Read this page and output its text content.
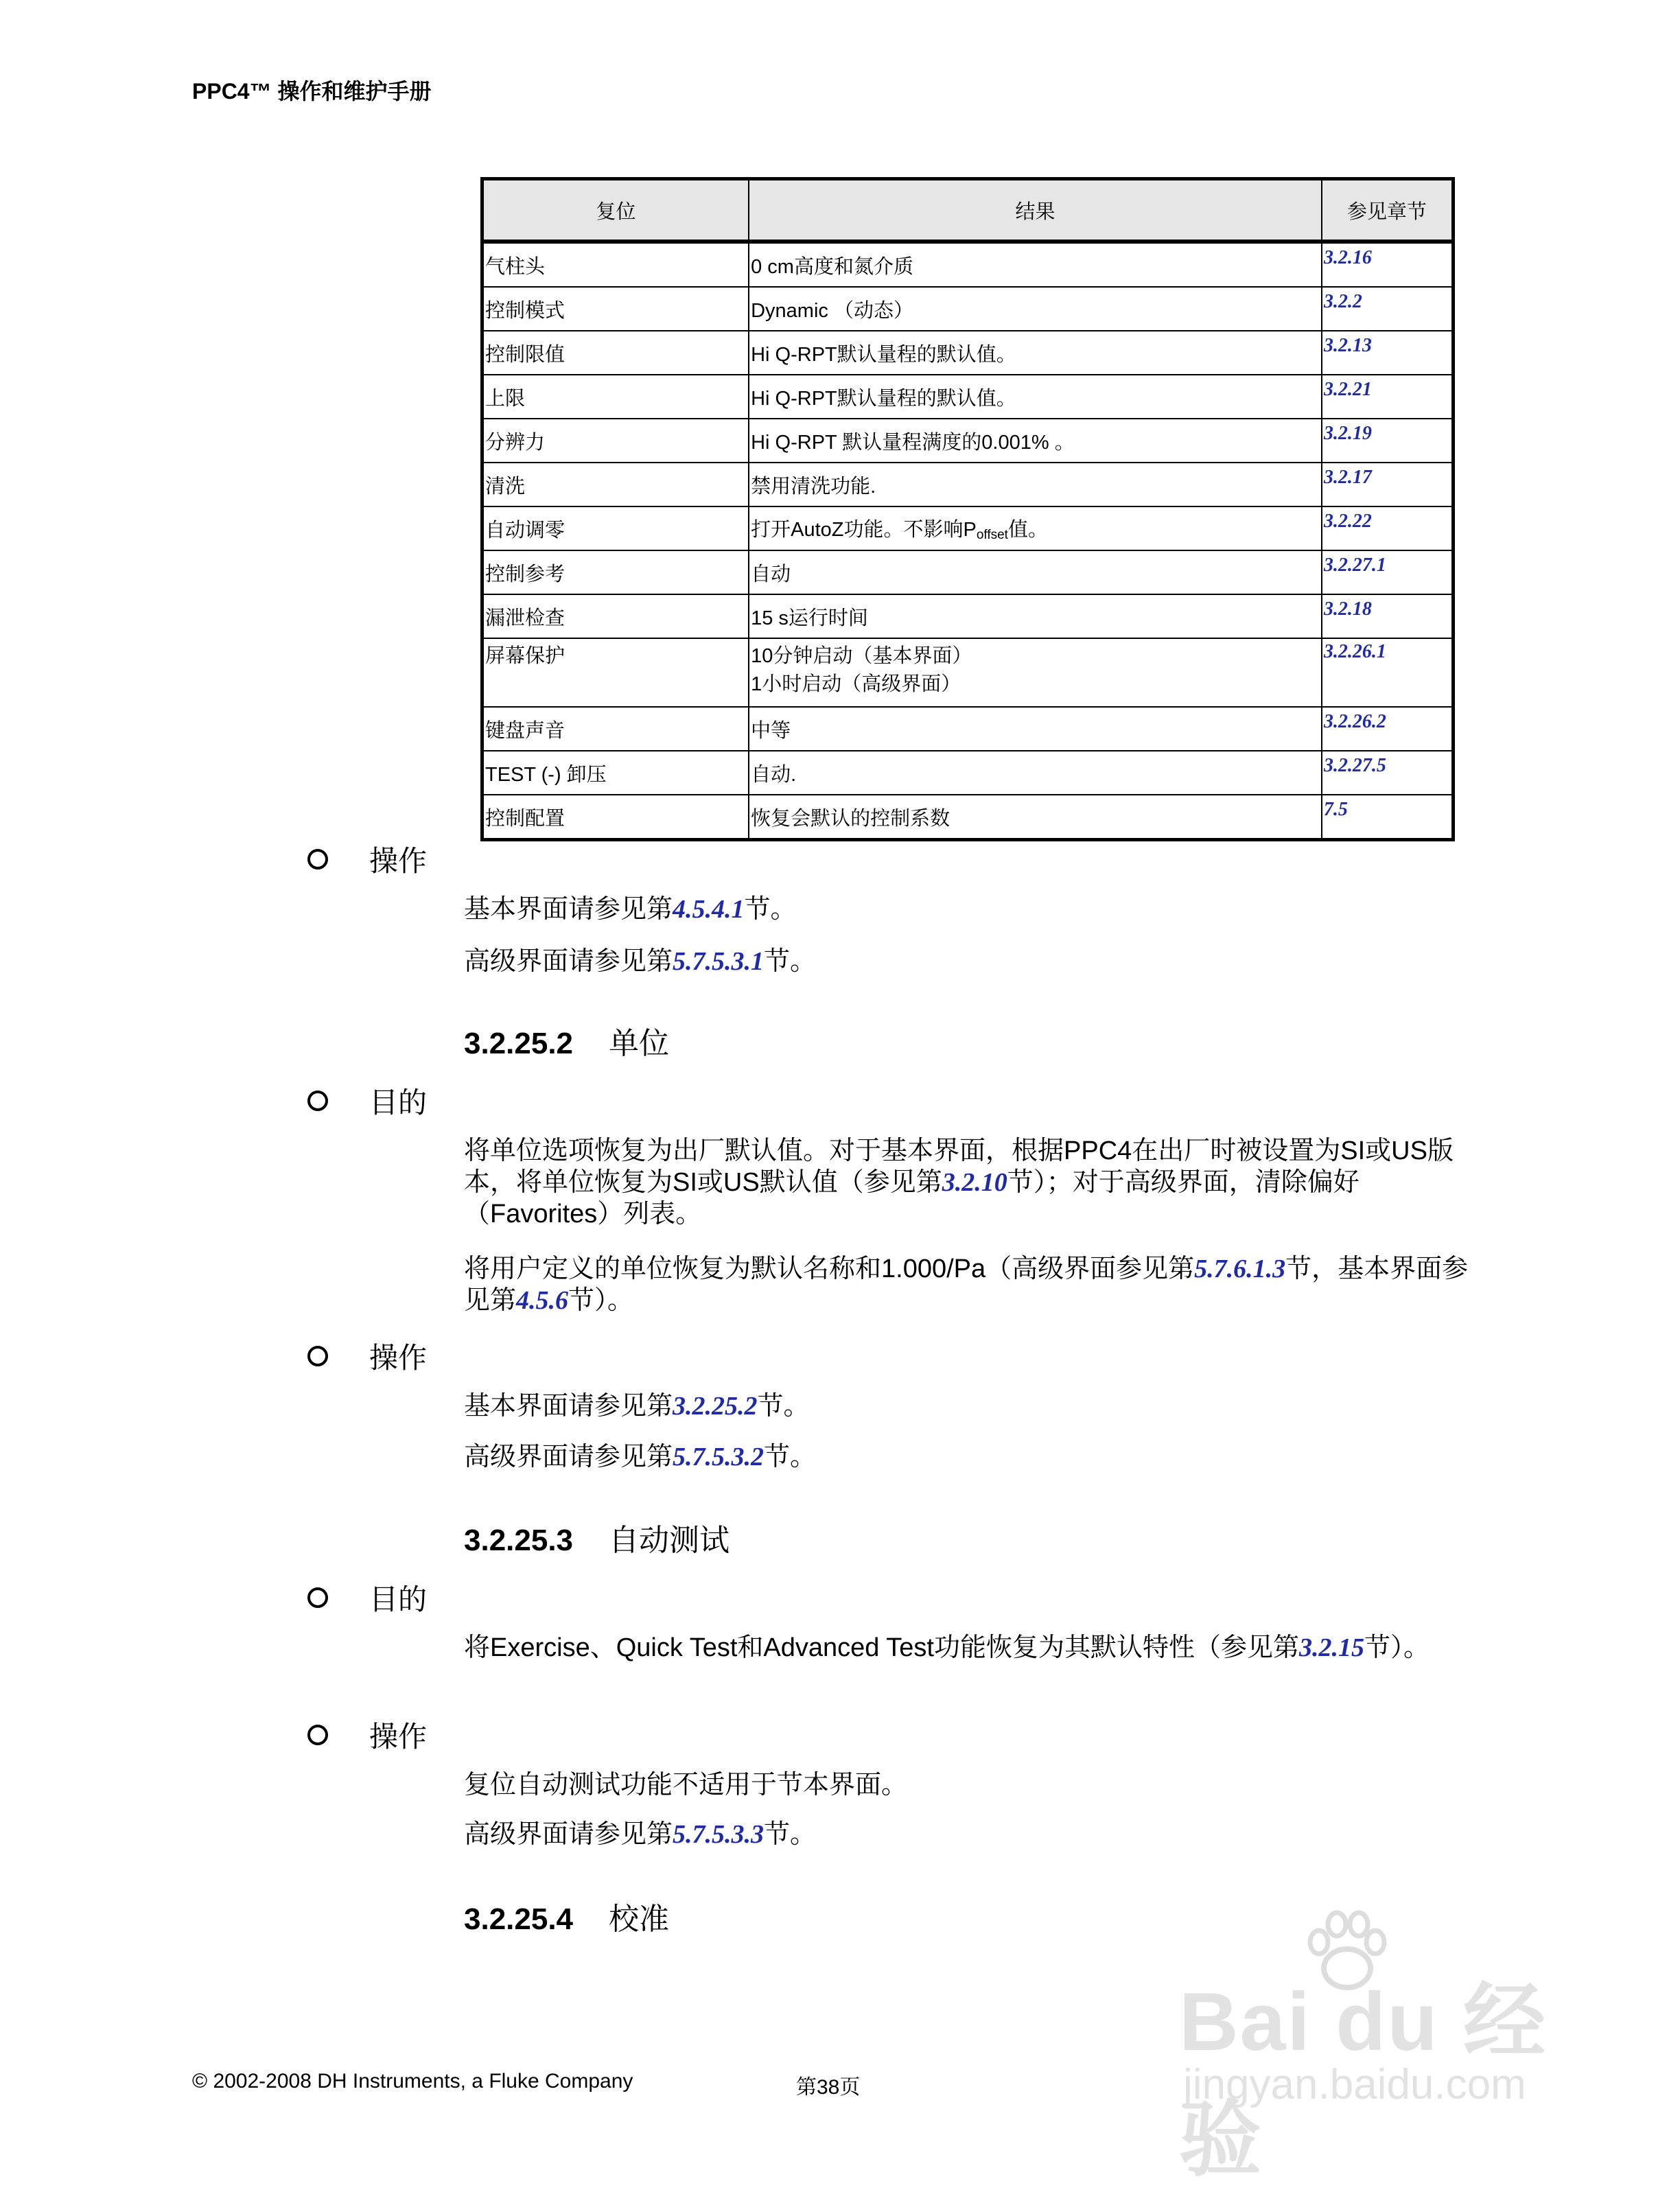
PPC4™ 操作和维护手册
复位	结果	参见章节
气柱头	0 cm高度和氮介质	3.2.16
控制模式	Dynamic （动态）	3.2.2
控制限值	Hi Q-RPT默认量程的默认值。	3.2.13
上限	Hi Q-RPT默认量程的默认值。	3.2.21
分辨力	Hi Q-RPT 默认量程满度的0.001% 。	3.2.19
清洗	禁用清洗功能.	3.2.17
自动调零	打开AutoZ功能。不影响$P_{offset}$值。	3.2.22
控制参考	自动	3.2.27.1
漏泄检查	15 s运行时间	3.2.18
屏幕保护	10分钟启动（基本界面）
1小时启动（高级界面）	3.2.26.1
键盘声音	中等	3.2.26.2
TEST (-) 卸压	自动.	3.2.27.5
控制配置	恢复会默认的控制系数	7.5
操作
基本界面请参见第4.5.4.1节。
高级界面请参见第5.7.5.3.1节。
3.2.25.2 单位
目的
将单位选项恢复为出厂默认值。对于基本界面，根据PPC4在出厂时被设置为SI或US版本，将单位恢复为SI或US默认值（参见第3.2.10节）；对于高级界面，清除偏好（Favorites）列表。
将用户定义的单位恢复为默认名称和1.000/Pa（高级界面参见第5.7.6.1.3节，基本界面参见第4.5.6节）。
操作
基本界面请参见第3.2.25.2节。
高级界面请参见第5.7.5.3.2节。
3.2.25.3 自动测试
目的
将Exercise、Quick Test和Advanced Test功能恢复为其默认特性（参见第3.2.15节）。
操作
复位自动测试功能不适用于节本界面。
高级界面请参见第5.7.5.3.3节。
3.2.25.4 校准
Bai du 经验
jingyan.baidu.com
© 2002-2008 DH Instruments, a Fluke Company	第38页
